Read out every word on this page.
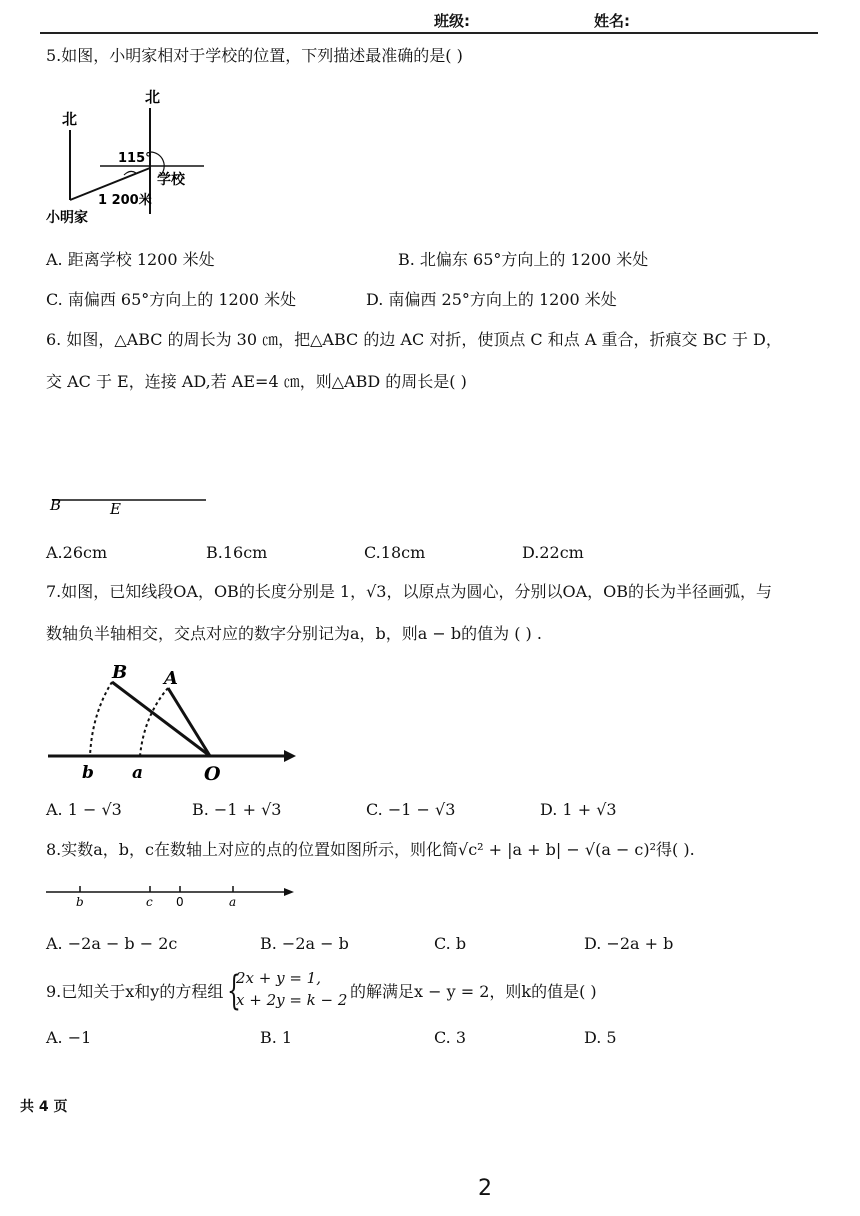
班级:	姓名:
5.如图，小明家相对于学校的位置，下列描述最准确的是( )
北
北
115°
学校
1 200米
小明家
A. 距离学校 1200 米处	B. 北偏东 65°方向上的 1200 米处
C. 南偏西 65°方向上的 1200 米处	D. 南偏西 25°方向上的 1200 米处
6. 如图，△ABC 的周长为 30 ㎝，把△ABC 的边 AC 对折，使顶点 C 和点 A 重合，折痕交 BC 于 D，
交 AC 于 E，连接 AD,若 AE=4 ㎝，则△ABD 的周长是( )
B	E
A.26cm	B.16cm	C.18cm	D.22cm
7.如图，已知线段OA，OB的长度分别是 1，√3，以原点为圆心，分别以OA，OB的长为半径画弧，与
数轴负半轴相交，交点对应的数字分别记为a，b，则a − b的值为 ( ) .
B A
b a	O
A. 1 − √3	B. −1 + √3	C. −1 − √3	D. 1 + √3
8.实数a，b，c在数轴上对应的点的位置如图所示，则化简√c² + |a + b| − √(a − c)²得( ).
b	c 0	a
A. −2a − b − 2c	B. −2a − b	C. b	D. −2a + b
9.已知关于x和y的方程组 {
2x + y = 1,
x + 2y = k − 2 的解满足x − y = 2，则k的值是( )
A. −1	B. 1	C. 3	D. 5
共 4 页
2
